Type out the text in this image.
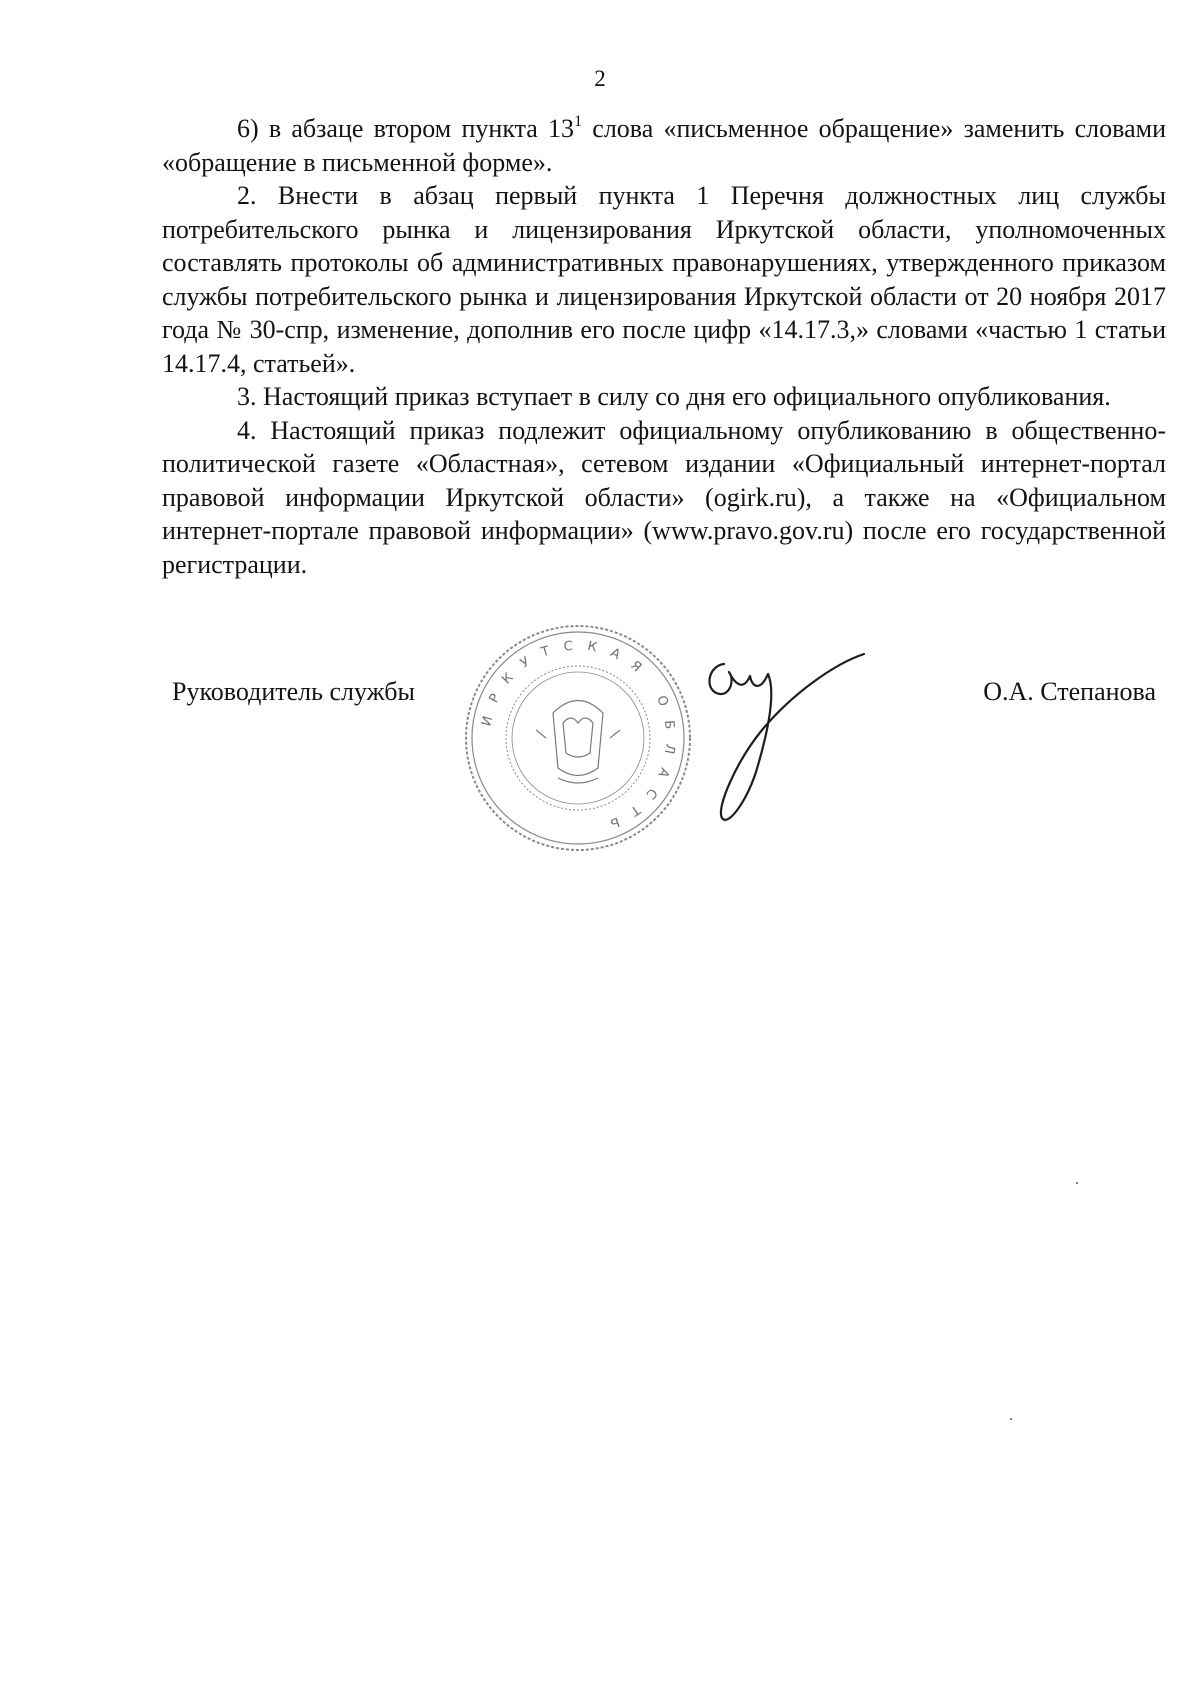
2

6) в абзаце втором пункта $13^1$ слова «письменное обращение» заменить словами «обращение в письменной форме».

2. Внести в абзац первый пункта 1 Перечня должностных лиц службы потребительского рынка и лицензирования Иркутской области, уполномоченных составлять протоколы об административных правонарушениях, утвержденного приказом службы потребительского рынка и лицензирования Иркутской области от 20 ноября 2017 года № 30-спр, изменение, дополнив его после цифр «14.17.3,» словами «частью 1 статьи 14.17.4, статьей».

3. Настоящий приказ вступает в силу со дня его официального опубликования.

4. Настоящий приказ подлежит официальному опубликованию в общественно-политической газете «Областная», сетевом издании «Официальный интернет-портал правовой информации Иркутской области» (ogirk.ru), а также на «Официальном интернет-портале правовой информации» (www.pravo.gov.ru) после его государственной регистрации.

Руководитель службы	О.А. Степанова
ИРКУТСКАЯ ОБЛАСТЬ
